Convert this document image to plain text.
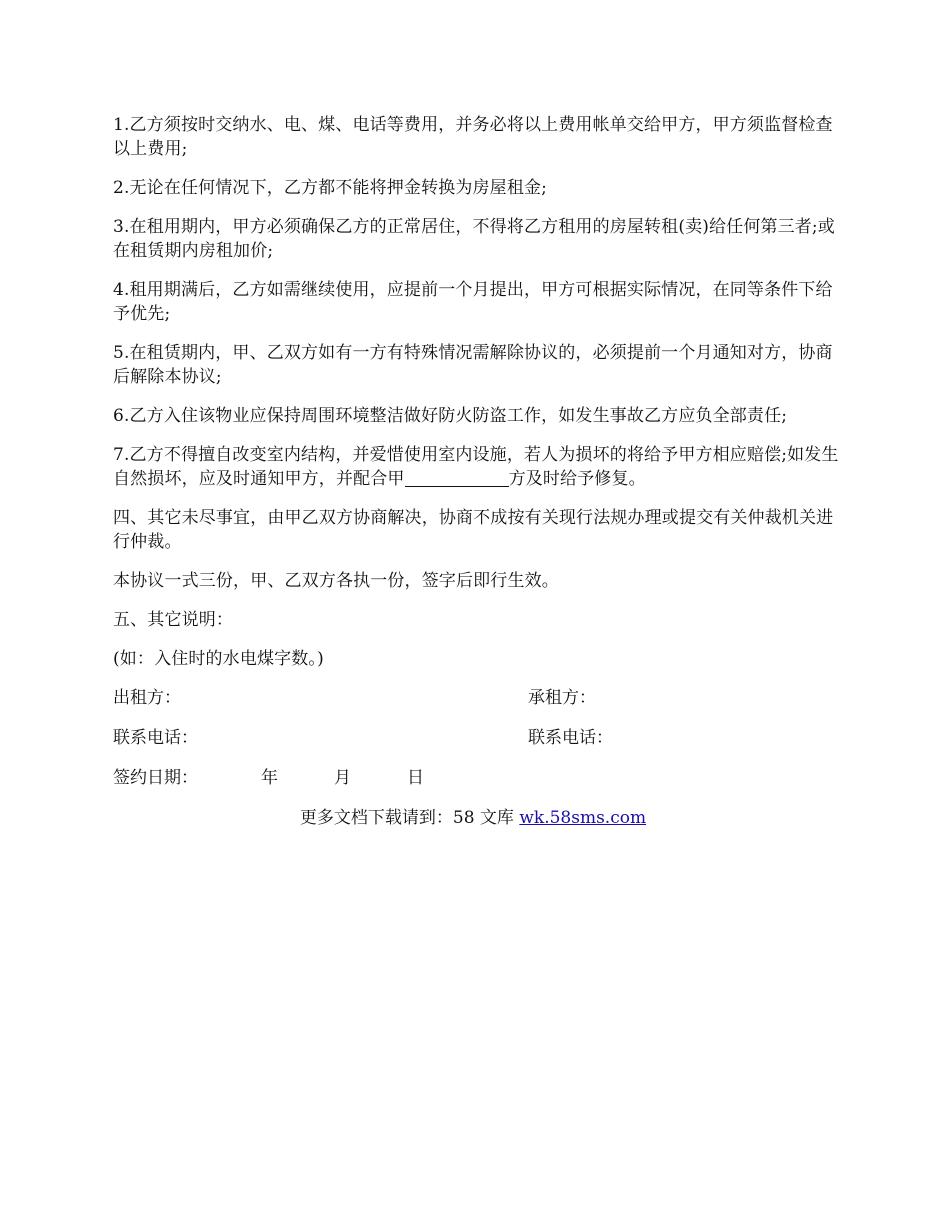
1.乙方须按时交纳水、电、煤、电话等费用，并务必将以上费用帐单交给甲方，甲方须监督检查以上费用;

2.无论在任何情况下，乙方都不能将押金转换为房屋租金;

3.在租用期内，甲方必须确保乙方的正常居住，不得将乙方租用的房屋转租(卖)给任何第三者;或在租赁期内房租加价;

4.租用期满后，乙方如需继续使用，应提前一个月提出，甲方可根据实际情况，在同等条件下给予优先;

5.在租赁期内，甲、乙双方如有一方有特殊情况需解除协议的，必须提前一个月通知对方，协商后解除本协议;

6.乙方入住该物业应保持周围环境整洁做好防火防盗工作，如发生事故乙方应负全部责任;

7.乙方不得擅自改变室内结构，并爱惜使用室内设施，若人为损坏的将给予甲方相应赔偿;如发生自然损坏，应及时通知甲方，并配合甲	方及时给予修复。

四、其它未尽事宜，由甲乙双方协商解决，协商不成按有关现行法规办理或提交有关仲裁机关进行仲裁。

本协议一式三份，甲、乙双方各执一份，签字后即行生效。

五、其它说明：

(如：入住时的水电煤字数。)

出租方：	承租方：
联系电话：	联系电话：
签约日期：	年	月	日
更多文档下载请到：58 文库 wk.58sms.com
